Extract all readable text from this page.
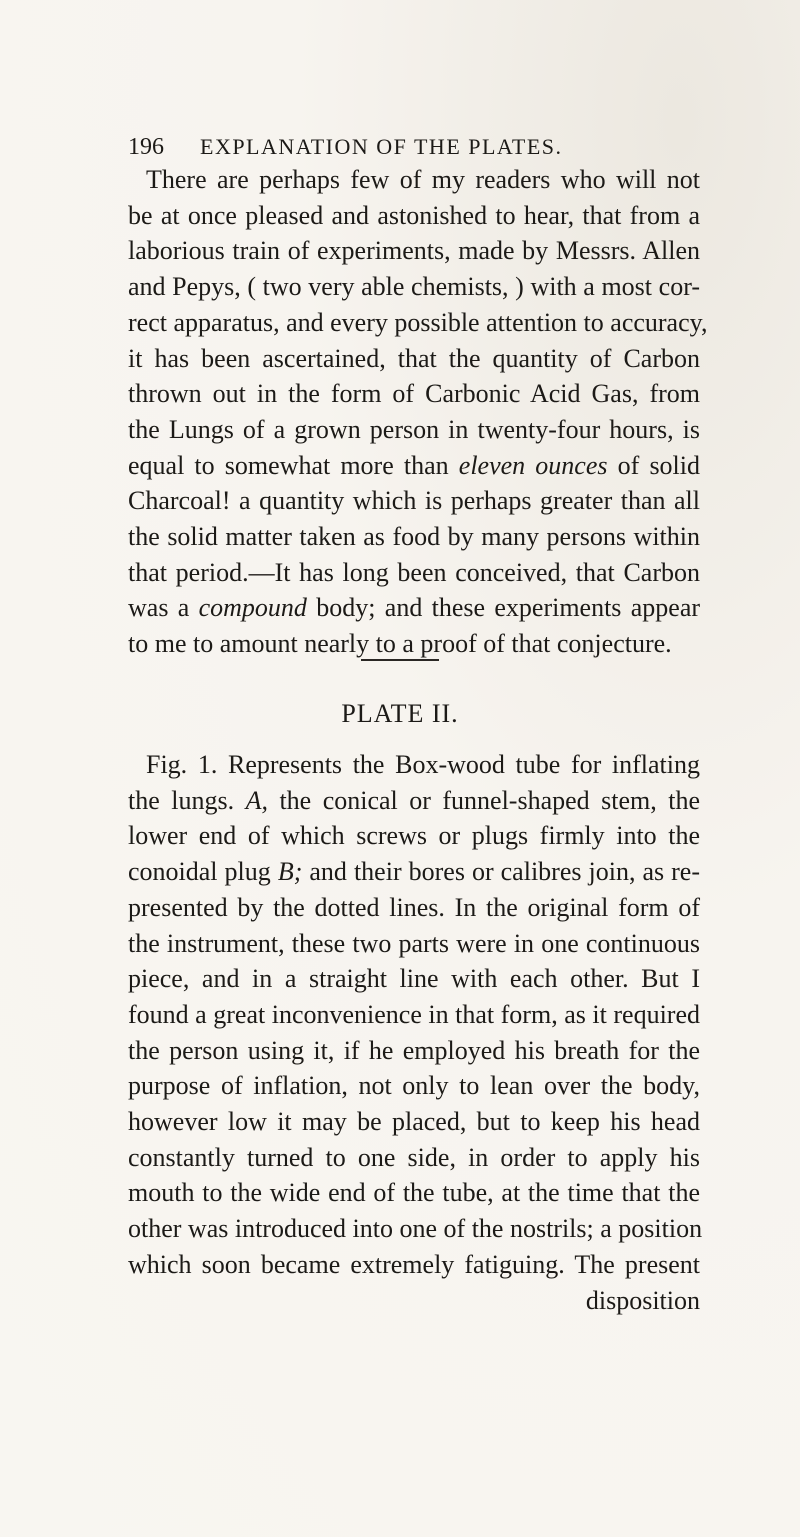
196 EXPLANATION OF THE PLATES.
There are perhaps few of my readers who will not
be at once pleased and astonished to hear, that from a
laborious train of experiments, made by Messrs. Allen
and Pepys, ( two very able chemists, ) with a most cor-
rect apparatus, and every possible attention to accuracy,
it has been ascertained, that the quantity of Carbon
thrown out in the form of Carbonic Acid Gas, from
the Lungs of a grown person in twenty-four hours, is
equal to somewhat more than eleven ounces of solid
Charcoal! a quantity which is perhaps greater than all
the solid matter taken as food by many persons within
that period.—It has long been conceived, that Carbon
was a compound body; and these experiments appear
to me to amount nearly to a proof of that conjecture.
PLATE II.
Fig. 1. Represents the Box-wood tube for inflating
the lungs. A, the conical or funnel-shaped stem, the
lower end of which screws or plugs firmly into the
conoidal plug B; and their bores or calibres join, as re-
presented by the dotted lines. In the original form of
the instrument, these two parts were in one continuous
piece, and in a straight line with each other. But I
found a great inconvenience in that form, as it required
the person using it, if he employed his breath for the
purpose of inflation, not only to lean over the body,
however low it may be placed, but to keep his head
constantly turned to one side, in order to apply his
mouth to the wide end of the tube, at the time that the
other was introduced into one of the nostrils; a position
which soon became extremely fatiguing. The present
disposition
